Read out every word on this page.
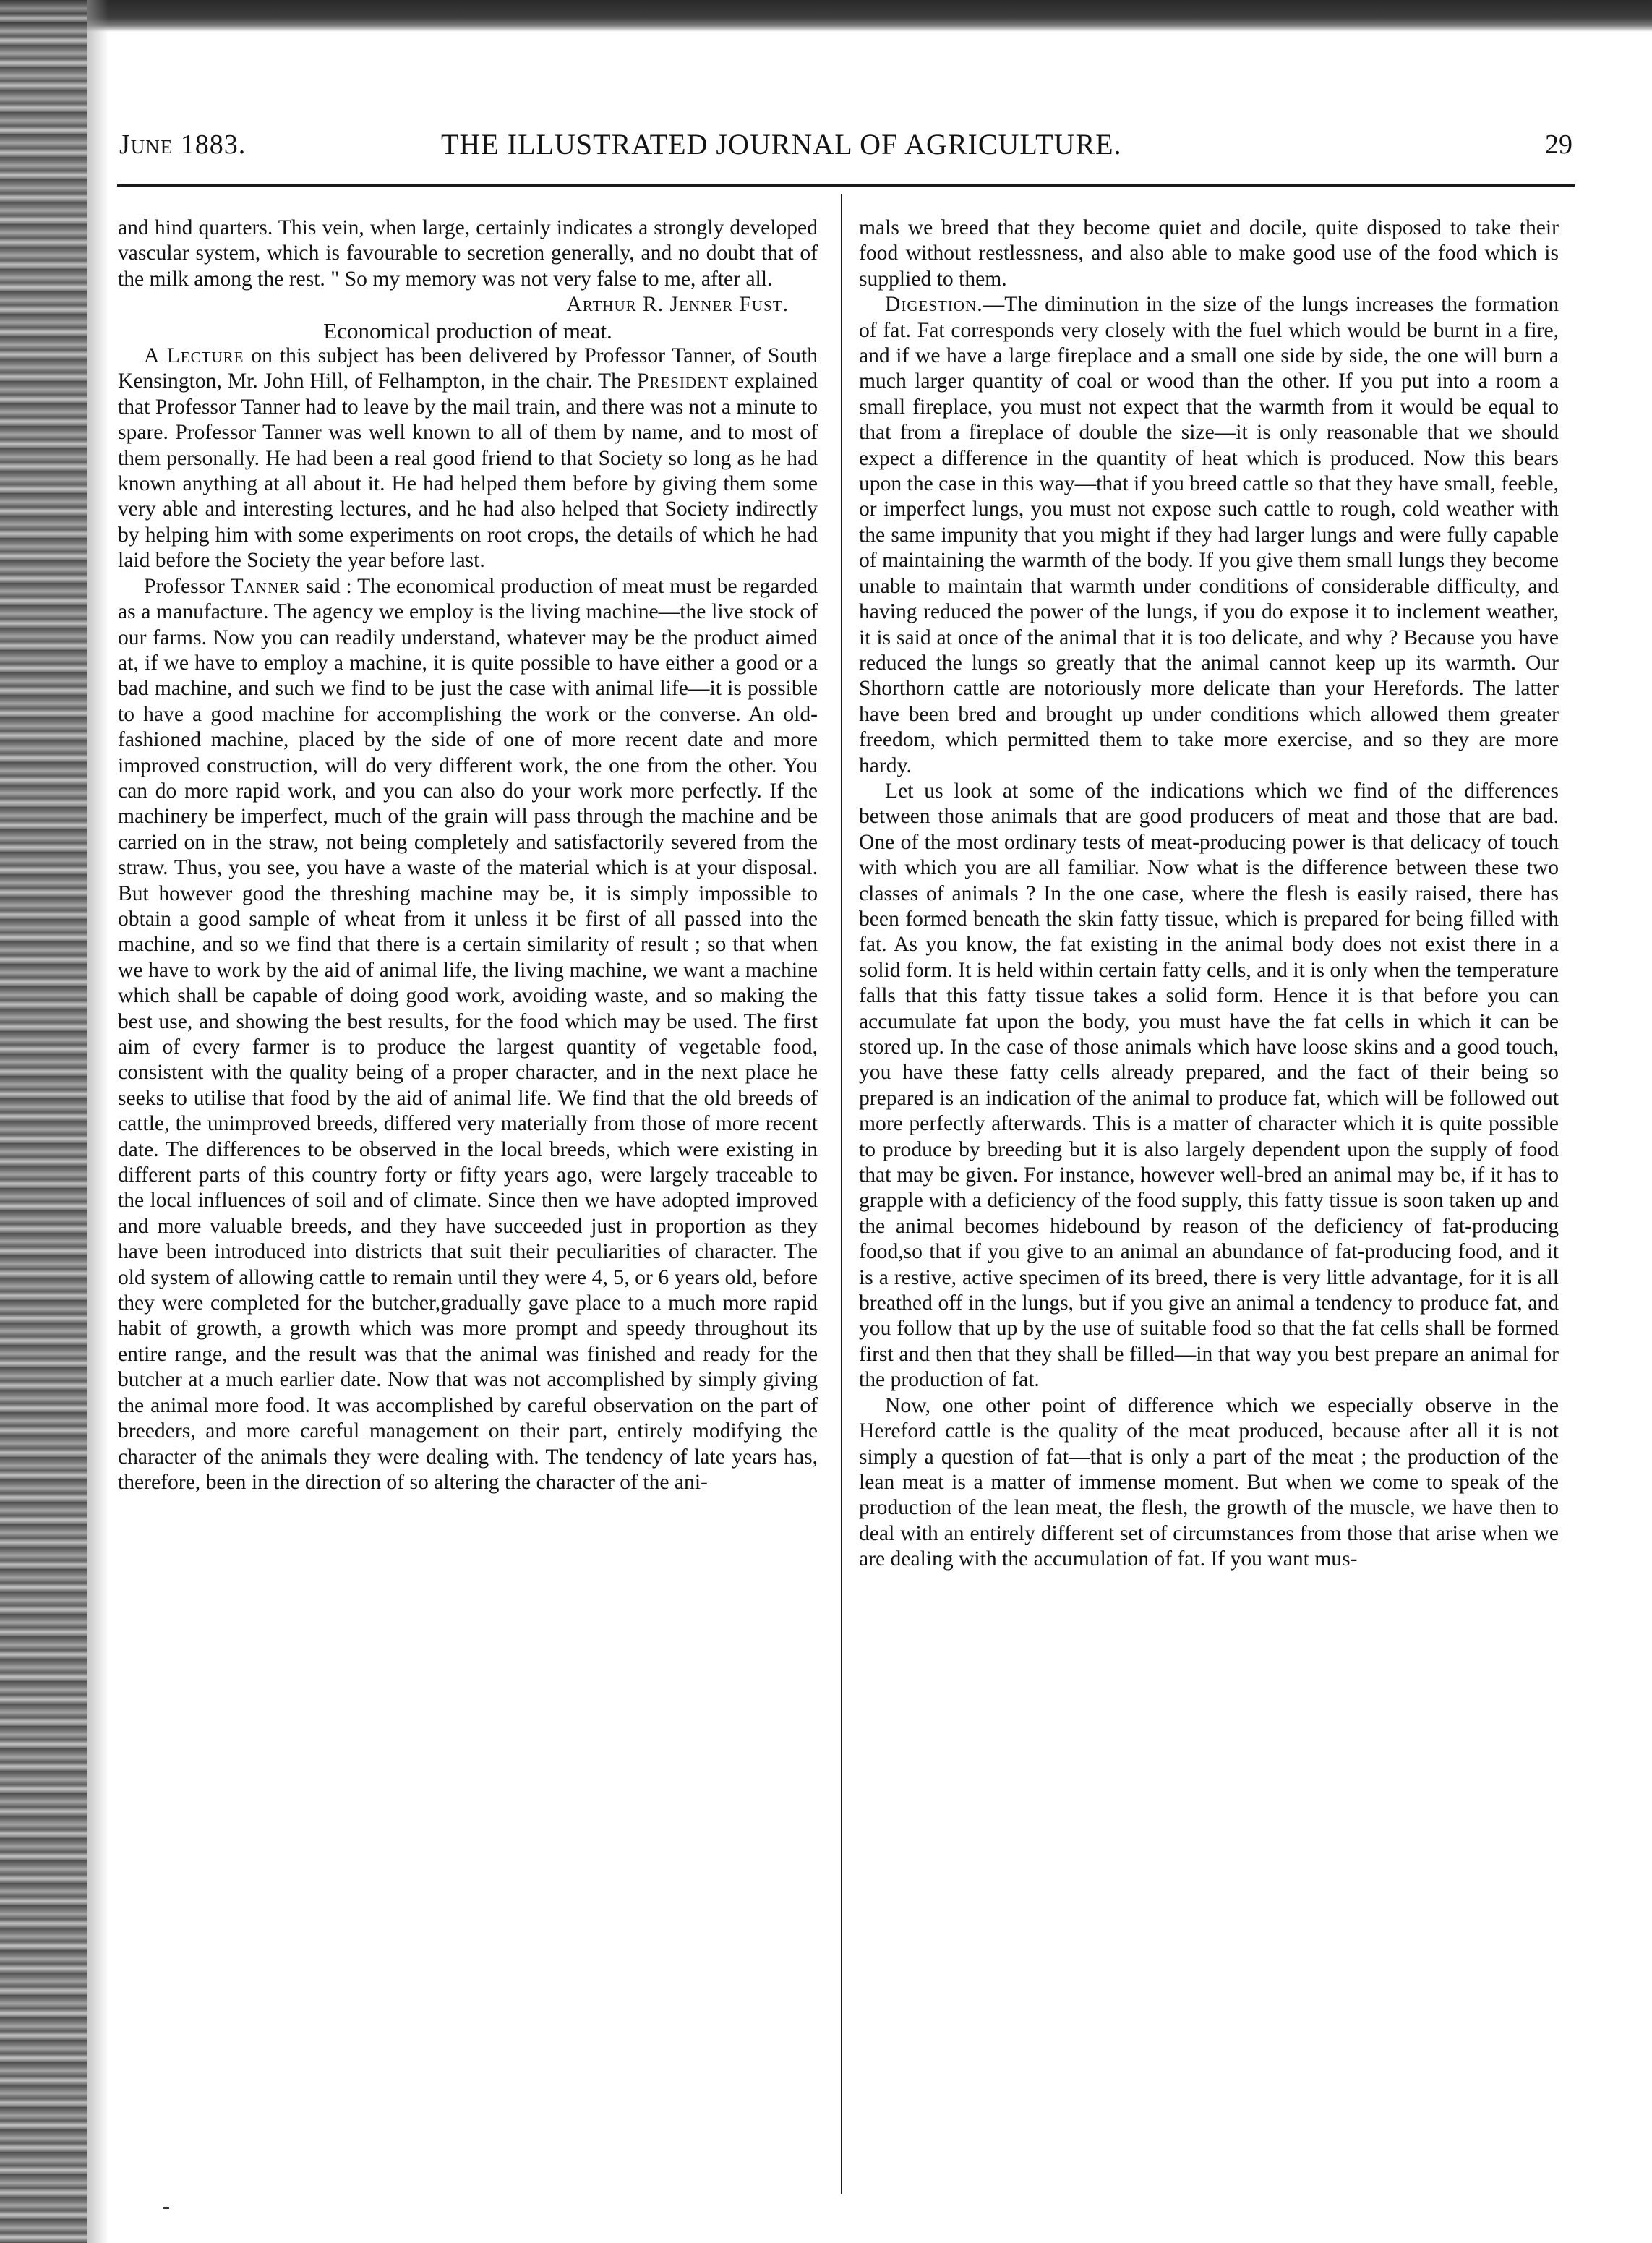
June 1883.	THE ILLUSTRATED JOURNAL OF AGRICULTURE.	29

and hind quarters. This vein, when large, certainly indicates a strongly developed vascular system, which is favourable to secretion generally, and no doubt that of the milk among the rest. " So my memory was not very false to me, after all.

Arthur R. Jenner Fust.

Economical production of meat.

A Lecture on this subject has been delivered by Professor Tanner, of South Kensington, Mr. John Hill, of Felhampton, in the chair. The President explained that Professor Tanner had to leave by the mail train, and there was not a minute to spare. Professor Tanner was well known to all of them by name, and to most of them personally. He had been a real good friend to that Society so long as he had known anything at all about it. He had helped them before by giving them some very able and interesting lectures, and he had also helped that Society indirectly by helping him with some experiments on root crops, the details of which he had laid before the Society the year before last.

Professor Tanner said : The economical production of meat must be regarded as a manufacture. The agency we employ is the living machine—the live stock of our farms. Now you can readily understand, whatever may be the product aimed at, if we have to employ a machine, it is quite possible to have either a good or a bad machine, and such we find to be just the case with animal life—it is possible to have a good machine for accomplishing the work or the converse. An old-fashioned machine, placed by the side of one of more recent date and more improved construction, will do very different work, the one from the other. You can do more rapid work, and you can also do your work more perfectly. If the machinery be imperfect, much of the grain will pass through the machine and be carried on in the straw, not being completely and satisfactorily severed from the straw. Thus, you see, you have a waste of the material which is at your disposal. But however good the threshing machine may be, it is simply impossible to obtain a good sample of wheat from it unless it be first of all passed into the machine, and so we find that there is a certain similarity of result ; so that when we have to work by the aid of animal life, the living machine, we want a machine which shall be capable of doing good work, avoiding waste, and so making the best use, and showing the best results, for the food which may be used. The first aim of every farmer is to produce the largest quantity of vegetable food, consistent with the quality being of a proper character, and in the next place he seeks to utilise that food by the aid of animal life. We find that the old breeds of cattle, the unimproved breeds, differed very materially from those of more recent date. The differences to be observed in the local breeds, which were existing in different parts of this country forty or fifty years ago, were largely traceable to the local influences of soil and of climate. Since then we have adopted improved and more valuable breeds, and they have succeeded just in proportion as they have been introduced into districts that suit their peculiarities of character. The old system of allowing cattle to remain until they were 4, 5, or 6 years old, before they were completed for the butcher,gradually gave place to a much more rapid habit of growth, a growth which was more prompt and speedy throughout its entire range, and the result was that the animal was finished and ready for the butcher at a much earlier date. Now that was not accomplished by simply giving the animal more food. It was accomplished by careful observation on the part of breeders, and more careful management on their part, entirely modifying the character of the animals they were dealing with. The tendency of late years has, therefore, been in the direction of so altering the character of the ani-

mals we breed that they become quiet and docile, quite disposed to take their food without restlessness, and also able to make good use of the food which is supplied to them.

Digestion.—The diminution in the size of the lungs increases the formation of fat. Fat corresponds very closely with the fuel which would be burnt in a fire, and if we have a large fireplace and a small one side by side, the one will burn a much larger quantity of coal or wood than the other. If you put into a room a small fireplace, you must not expect that the warmth from it would be equal to that from a fireplace of double the size—it is only reasonable that we should expect a difference in the quantity of heat which is produced. Now this bears upon the case in this way—that if you breed cattle so that they have small, feeble, or imperfect lungs, you must not expose such cattle to rough, cold weather with the same impunity that you might if they had larger lungs and were fully capable of maintaining the warmth of the body. If you give them small lungs they become unable to maintain that warmth under conditions of considerable difficulty, and having reduced the power of the lungs, if you do expose it to inclement weather, it is said at once of the animal that it is too delicate, and why ? Because you have reduced the lungs so greatly that the animal cannot keep up its warmth. Our Shorthorn cattle are notoriously more delicate than your Herefords. The latter have been bred and brought up under conditions which allowed them greater freedom, which permitted them to take more exercise, and so they are more hardy.

Let us look at some of the indications which we find of the differences between those animals that are good producers of meat and those that are bad. One of the most ordinary tests of meat-producing power is that delicacy of touch with which you are all familiar. Now what is the difference between these two classes of animals ? In the one case, where the flesh is easily raised, there has been formed beneath the skin fatty tissue, which is prepared for being filled with fat. As you know, the fat existing in the animal body does not exist there in a solid form. It is held within certain fatty cells, and it is only when the temperature falls that this fatty tissue takes a solid form. Hence it is that before you can accumulate fat upon the body, you must have the fat cells in which it can be stored up. In the case of those animals which have loose skins and a good touch, you have these fatty cells already prepared, and the fact of their being so prepared is an indication of the animal to produce fat, which will be followed out more perfectly afterwards. This is a matter of character which it is quite possible to produce by breeding but it is also largely dependent upon the supply of food that may be given. For instance, however well-bred an animal may be, if it has to grapple with a deficiency of the food supply, this fatty tissue is soon taken up and the animal becomes hidebound by reason of the deficiency of fat-producing food,so that if you give to an animal an abundance of fat-producing food, and it is a restive, active specimen of its breed, there is very little advantage, for it is all breathed off in the lungs, but if you give an animal a tendency to produce fat, and you follow that up by the use of suitable food so that the fat cells shall be formed first and then that they shall be filled—in that way you best prepare an animal for the production of fat.

Now, one other point of difference which we especially observe in the Hereford cattle is the quality of the meat produced, because after all it is not simply a question of fat—that is only a part of the meat ; the production of the lean meat is a matter of immense moment. But when we come to speak of the production of the lean meat, the flesh, the growth of the muscle, we have then to deal with an entirely different set of circumstances from those that arise when we are dealing with the accumulation of fat. If you want mus-
